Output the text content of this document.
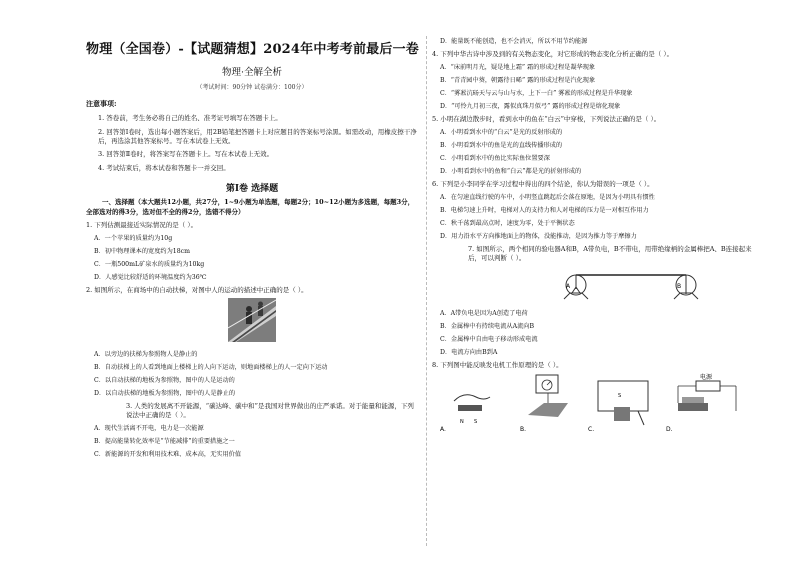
物理（全国卷）-【试题猜想】2024年中考考前最后一卷
物理·全解全析
（考试时间：90分钟 试卷满分：100分）
注意事项:
1. 答卷前，考生务必将自己的姓名、准考证号填写在答题卡上。
2. 回答第Ⅰ卷时，选出每小题答案后，用2B铅笔把答题卡上对应题目的答案标号涂黑。如需改动，用橡皮擦干净后，再选涂其他答案标号。写在本试卷上无效。
3. 回答第Ⅱ卷时，将答案写在答题卡上。写在本试卷上无效。
4. 考试结束后，将本试卷和答题卡一并交回。
第Ⅰ卷 选择题
一、选择题（本大题共12小题，共27分，1~9小题为单选题，每题2分；10~12小题为多选题，每题3分，全部选对的得3分，选对但不全的得2分，选错不得分）
1. 下列估测最接近实际情况的是（ ）。
A．一个苹果的质量约为10g
B．初中物理课本的宽度约为18cm
C．一瓶500mL矿泉水的质量约为10kg
D．人感觉比较舒适的环境温度约为36℃
2. 如图所示，在商场中的自动扶梯，对图中人的运动的描述中正确的是（ ）。
A．以旁边的扶梯为参照物人是静止的
B．自动扶梯上的人看到地面上楼梯上的人向下运动，则地面楼梯上的人一定向下运动
C．以自动扶梯的地板为参照物，图中的人是运动的
D．以自动扶梯的地板为参照物，图中的人是静止的
3. 人类的发展离不开能源，“碳达峰、碳中和”是我国对世界做出的庄严承诺。对于能量和能源，下列说法中正确的是（ ）。
A．现代生活离不开电，电力是一次能源
B．提高能量转化效率是“节能减排”的重要措施之一
C．新能源的开发和利用技术难、成本高，无实用价值
D．能量既不能创造，也不会消灭，所以不用节约能源
4. 下列中华古诗中涉及到的有关物态变化，对它形成的物态变化分析正确的是（ ）。
A．“床前明月光，疑是地上霜” 霜的形成过程是凝华现象
B．“青青园中葵，朝露待日晞” 露的形成过程是汽化现象
C．“雾凇沆砀天与云与山与水，上下一白” 雾凇的形成过程是升华现象
D．“可怜九月初三夜，露似真珠月似弓” 露的形成过程是熔化现象
5. 小明在湖边散步时，看到水中的鱼在“白云”中穿梭，下列说法正确的是（ ）。
A．小明看到水中的“白云”是光的反射形成的
B．小明看到水中的鱼是光的直线传播形成的
C．小明看到水中的鱼比实际鱼位置要深
D．小明看到水中的鱼和“白云”都是光的折射形成的
6. 下列是小李同学在学习过程中得出的四个结论，你认为错误的一项是（ ）。
A．在匀速直线行驶的车中，小明竖直跳起后会落在原地，是因为小明具有惯性
B．电梯匀速上升时，电梯对人的支持力和人对电梯的压力是一对相互作用力
C．秋千荡到最高点时，速度为零，处于平衡状态
D．用力沿水平方向推地面上的物体，没能推动，是因为推力等于摩擦力
7. 如图所示，两个相同的验电器A和B，A带负电，B不带电，用带绝缘柄的金属棒把A、B连接起来后，可以判断（ ）。
A	B
A．A带负电是因为A创造了电荷
B．金属棒中有持续电流从A流向B
C．金属棒中自由电子移动形成电流
D．电流方向由B到A
8. 下列图中能反映发电机工作原理的是（ ）。
N S
A.	B.
S
C.
电源
D.
